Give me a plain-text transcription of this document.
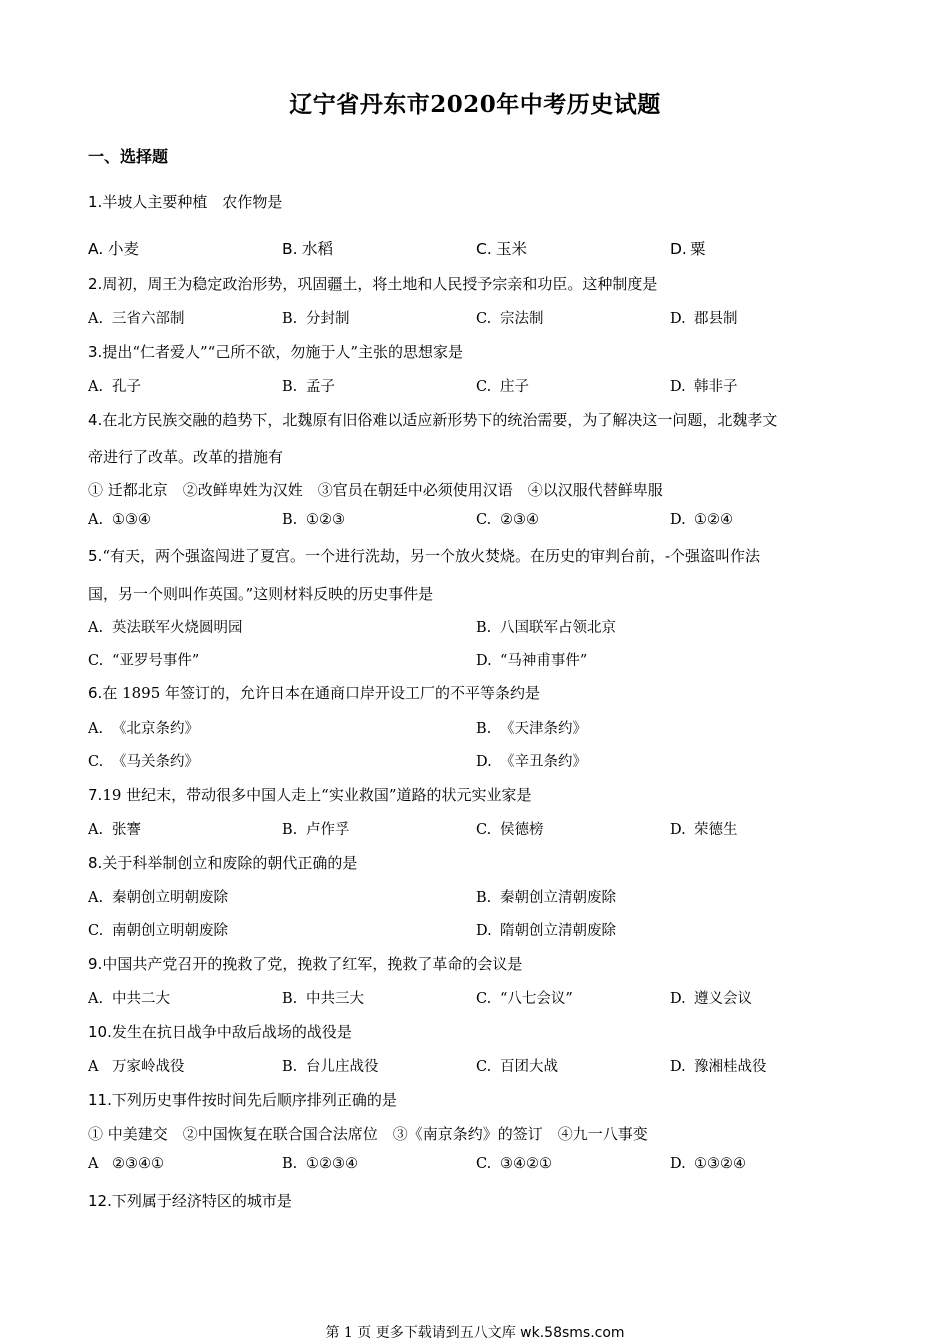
辽宁省丹东市2020年中考历史试题
一、选择题
1.半坡人主要种植　农作物是
A. 小麦	B. 水稻	C. 玉米	D. 粟
2.周初，周王为稳定政治形势，巩固疆土，将土地和人民授予宗亲和功臣。这种制度是
A. 三省六部制	B. 分封制	C. 宗法制	D. 郡县制
3.提出“仁者爱人”“己所不欲，勿施于人”主张的思想家是
A. 孔子	B. 孟子	C. 庄子	D. 韩非子
4.在北方民族交融的趋势下，北魏原有旧俗难以适应新形势下的统治需要，为了解决这一问题，北魏孝文
帝进行了改革。改革的措施有
① 迁都北京　②改鲜卑姓为汉姓　③官员在朝廷中必须使用汉语　④以汉服代替鲜卑服
A. ①③④	B. ①②③	C. ②③④	D. ①②④
5.“有天，两个强盗闯进了夏宫。一个进行洗劫，另一个放火焚烧。在历史的审判台前，-个强盗叫作法
国，另一个则叫作英国。”这则材料反映的历史事件是
A. 英法联军火烧圆明园	B. 八国联军占领北京
C. “亚罗号事件”	D. “马神甫事件”
6.在 1895 年签订的，允许日本在通商口岸开设工厂的不平等条约是
A. 《北京条约》	B. 《天津条约》
C. 《马关条约》	D. 《辛丑条约》
7.19 世纪末，带动很多中国人走上“实业救国”道路的状元实业家是
A. 张謇	B. 卢作孚	C. 侯德榜	D. 荣德生
8.关于科举制创立和废除的朝代正确的是
A. 秦朝创立明朝废除	B. 秦朝创立清朝废除
C. 南朝创立明朝废除	D. 隋朝创立清朝废除
9.中国共产党召开的挽救了党，挽救了红军，挽救了革命的会议是
A. 中共二大	B. 中共三大	C. “八七会议”	D. 遵义会议
10.发生在抗日战争中敌后战场的战役是
A 万家岭战役	B. 台儿庄战役	C. 百团大战	D. 豫湘桂战役
11.下列历史事件按时间先后顺序排列正确的是
① 中美建交　②中国恢复在联合国合法席位　③《南京条约》的签订　④九一八事变
A ②③④①	B. ①②③④	C. ③④②①	D. ①③②④
12.下列属于经济特区的城市是
第 1 页 更多下载请到五八文库 wk.58sms.com
